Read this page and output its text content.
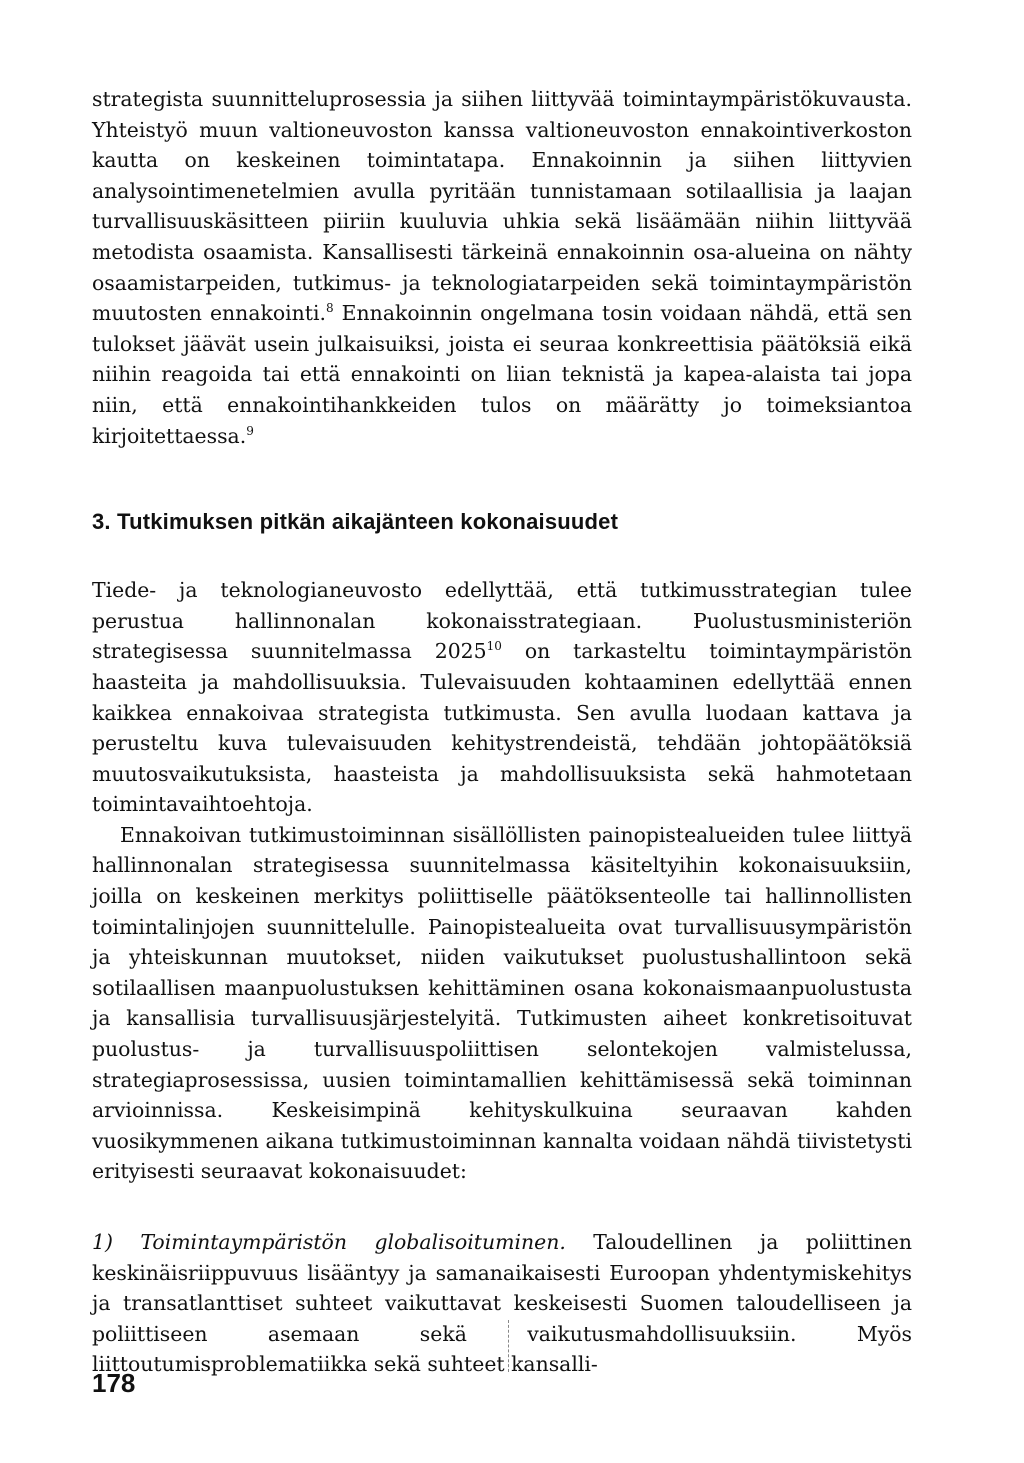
strategista suunnitteluprosessia ja siihen liittyvää toimintaympäristökuvausta. Yhteistyö muun valtioneuvoston kanssa valtioneuvoston ennakointiverkoston kautta on keskeinen toimintatapa. Ennakoinnin ja siihen liittyvien analysointimenetelmien avulla pyritään tunnistamaan sotilaallisia ja laajan turvallisuuskäsitteen piiriin kuuluvia uhkia sekä lisäämään niihin liittyvää metodista osaamista. Kansallisesti tärkeinä ennakoinnin osa-alueina on nähty osaamistarpeiden, tutkimus- ja teknologiatarpeiden sekä toimintaympäristön muutosten ennakointi.$^8$ Ennakoinnin ongelmana tosin voidaan nähdä, että sen tulokset jäävät usein julkaisuiksi, joista ei seuraa konkreettisia päätöksiä eikä niihin reagoida tai että ennakointi on liian teknistä ja kapea-alaista tai jopa niin, että ennakointihankkeiden tulos on määrätty jo toimeksiantoa kirjoitettaessa.$^9$

3. Tutkimuksen pitkän aikajänteen kokonaisuudet

Tiede- ja teknologianeuvosto edellyttää, että tutkimusstrategian tulee perustua hallinnonalan kokonaisstrategiaan. Puolustusministeriön strategisessa suunnitelmassa 2025$^{10}$ on tarkasteltu toimintaympäristön haasteita ja mahdollisuuksia. Tulevaisuuden kohtaaminen edellyttää ennen kaikkea ennakoivaa strategista tutkimusta. Sen avulla luodaan kattava ja perusteltu kuva tulevaisuuden kehitystrendeistä, tehdään johtopäätöksiä muutosvaikutuksista, haasteista ja mahdollisuuksista sekä hahmotetaan toimintavaihtoehtoja.

Ennakoivan tutkimustoiminnan sisällöllisten painopistealueiden tulee liittyä hallinnonalan strategisessa suunnitelmassa käsiteltyihin kokonaisuuksiin, joilla on keskeinen merkitys poliittiselle päätöksenteolle tai hallinnollisten toimintalinjojen suunnittelulle. Painopistealueita ovat turvallisuusympäristön ja yhteiskunnan muutokset, niiden vaikutukset puolustushallintoon sekä sotilaallisen maanpuolustuksen kehittäminen osana kokonaismaanpuolustusta ja kansallisia turvallisuusjärjestelyitä. Tutkimusten aiheet konkretisoituvat puolustus- ja turvallisuuspoliittisen selontekojen valmistelussa, strategiaprosessissa, uusien toimintamallien kehittämisessä sekä toiminnan arvioinnissa. Keskeisimpinä kehityskulkuina seuraavan kahden vuosikymmenen aikana tutkimustoiminnan kannalta voidaan nähdä tiivistetysti erityisesti seuraavat kokonaisuudet:

1) Toimintaympäristön globalisoituminen. Taloudellinen ja poliittinen keskinäisriippuvuus lisääntyy ja samanaikaisesti Euroopan yhdentymiskehitys ja transatlanttiset suhteet vaikuttavat keskeisesti Suomen taloudelliseen ja poliittiseen asemaan sekä vaikutusmahdollisuuksiin. Myös liittoutumisproblematiikka sekä suhteet kansalli-

178
